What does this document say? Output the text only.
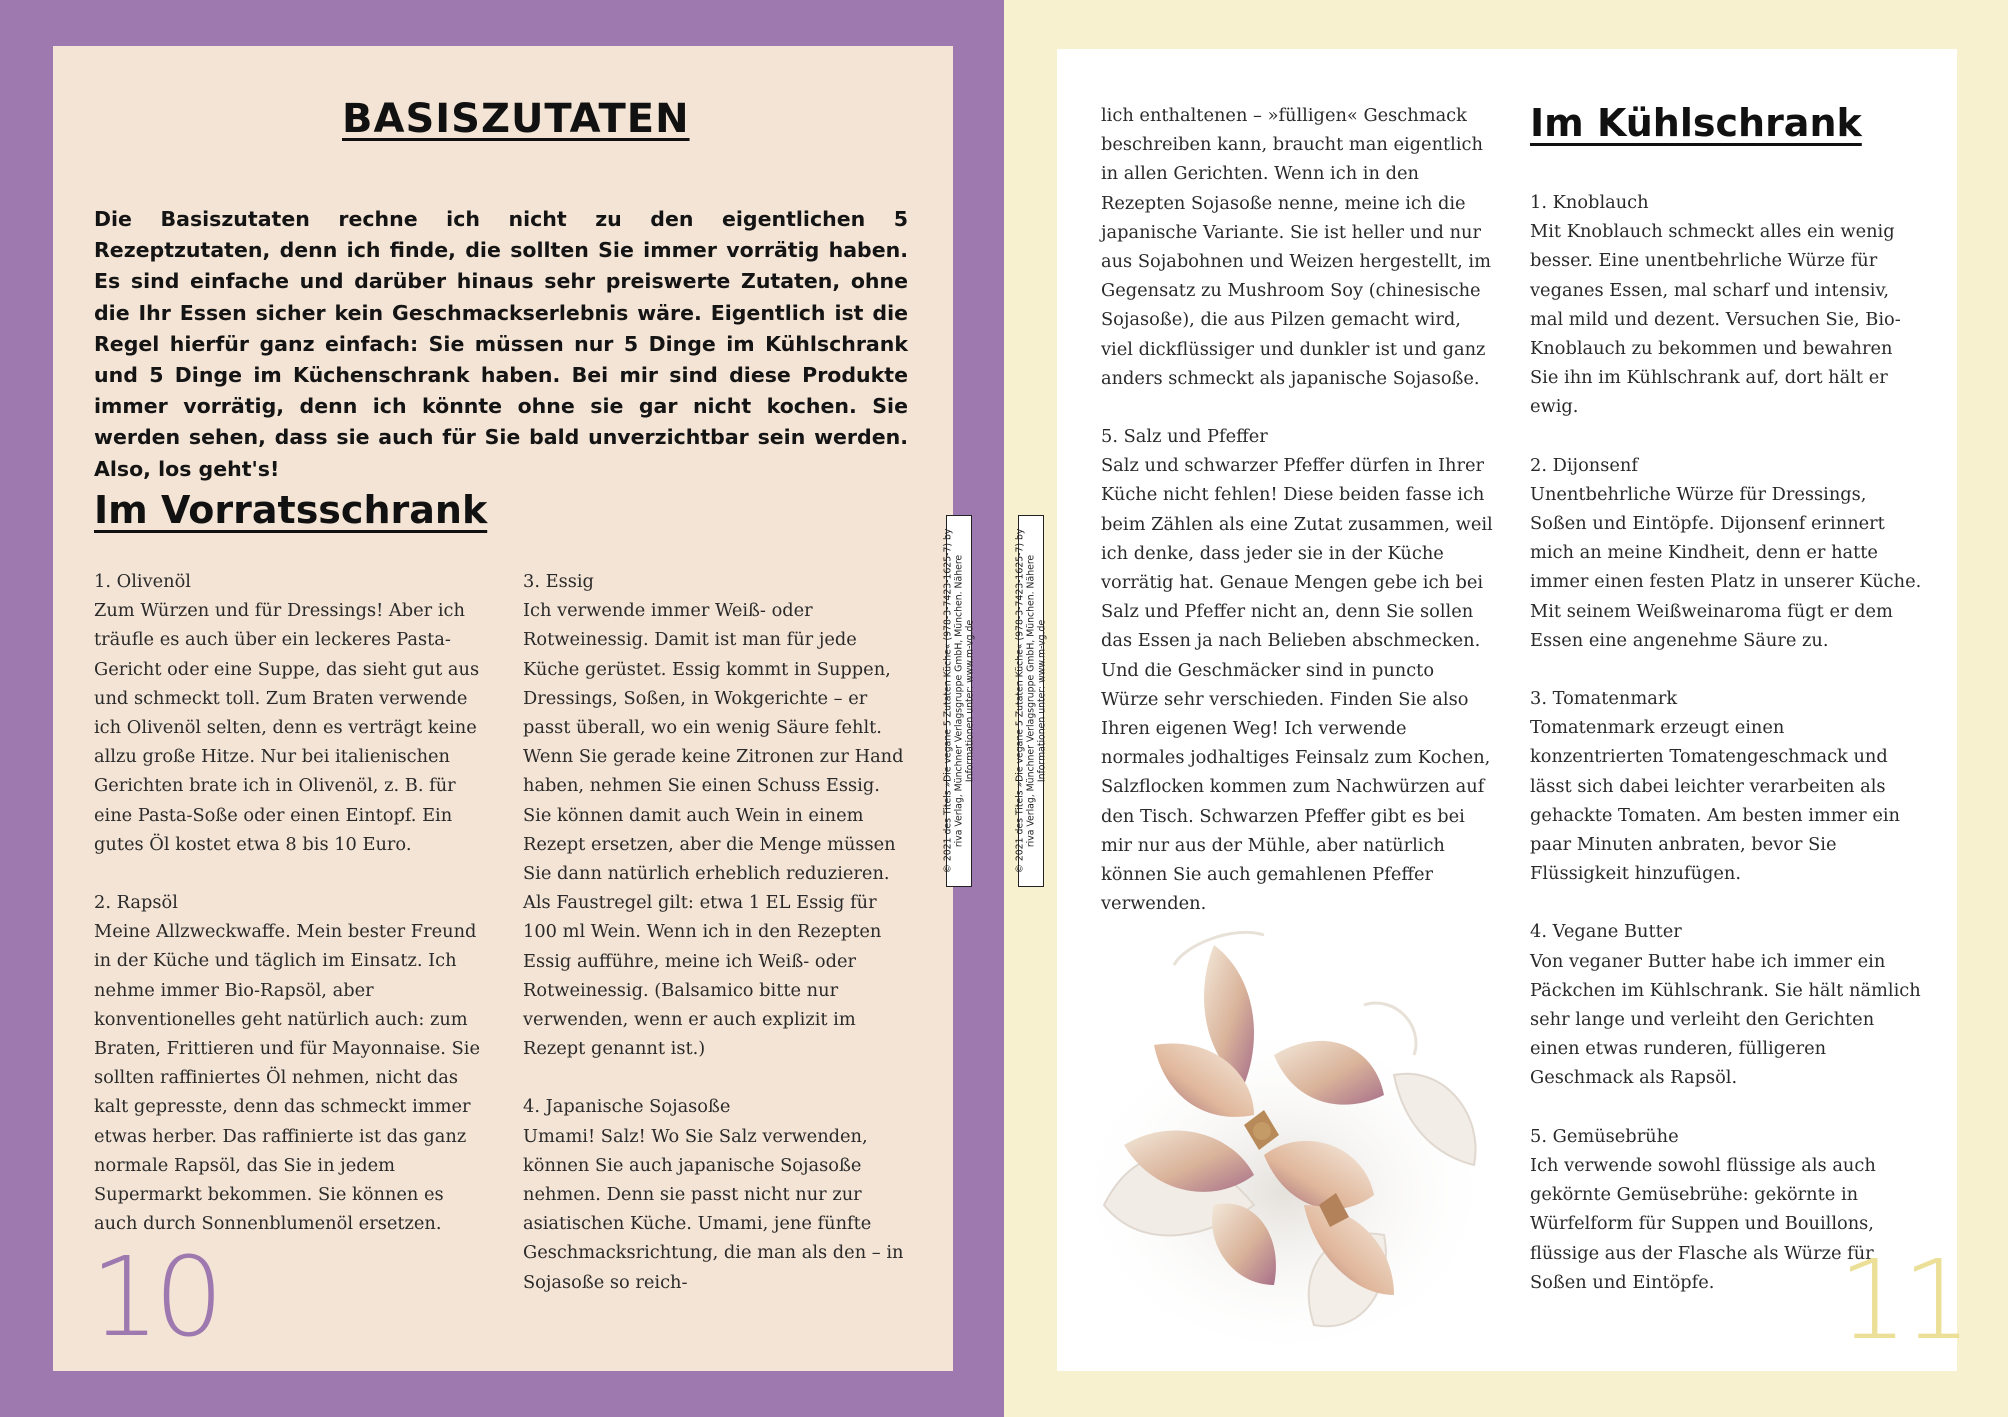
BASISZUTATEN
Die Basiszutaten rechne ich nicht zu den eigentlichen 5 Rezeptzutaten, denn ich finde, die sollten Sie immer vorrätig haben. Es sind einfache und darüber hinaus sehr preiswerte Zutaten, ohne die Ihr Essen sicher kein Geschmackserlebnis wäre. Eigentlich ist die Regel hierfür ganz einfach: Sie müssen nur 5 Dinge im Kühlschrank und 5 Dinge im Küchenschrank haben. Bei mir sind diese Produkte immer vorrätig, denn ich könnte ohne sie gar nicht kochen. Sie werden sehen, dass sie auch für Sie bald unverzichtbar sein werden. Also, los geht's!
Im Vorratsschrank

1. Olivenöl
Zum Würzen und für Dressings! Aber ich träufle es auch über ein leckeres Pasta-Gericht oder eine Suppe, das sieht gut aus und schmeckt toll. Zum Braten verwende ich Olivenöl selten, denn es verträgt keine allzu große Hitze. Nur bei italienischen Gerichten brate ich in Olivenöl, z. B. für eine Pasta-Soße oder einen Eintopf. Ein gutes Öl kostet etwa 8 bis 10 Euro.

2. Rapsöl
Meine Allzweckwaffe. Mein bester Freund in der Küche und täglich im Einsatz. Ich nehme immer Bio-Rapsöl, aber konventionelles geht natürlich auch: zum Braten, Frittieren und für Mayonnaise. Sie sollten raffiniertes Öl nehmen, nicht das kalt gepresste, denn das schmeckt immer etwas herber. Das raffinierte ist das ganz normale Rapsöl, das Sie in jedem Supermarkt bekommen. Sie können es auch durch Sonnenblumenöl ersetzen.

3. Essig
Ich verwende immer Weiß- oder Rotweinessig. Damit ist man für jede Küche gerüstet. Essig kommt in Suppen, Dressings, Soßen, in Wokgerichte – er passt überall, wo ein wenig Säure fehlt. Wenn Sie gerade keine Zitronen zur Hand haben, nehmen Sie einen Schuss Essig. Sie können damit auch Wein in einem Rezept ersetzen, aber die Menge müssen Sie dann natürlich erheblich reduzieren. Als Faustregel gilt: etwa 1 EL Essig für 100 ml Wein. Wenn ich in den Rezepten Essig aufführe, meine ich Weiß- oder Rotweinessig. (Balsamico bitte nur verwenden, wenn er auch explizit im Rezept genannt ist.)

4. Japanische Sojasoße
Umami! Salz! Wo Sie Salz verwenden, können Sie auch japanische Sojasoße nehmen. Denn sie passt nicht nur zur asiatischen Küche. Umami, jene fünfte Geschmacksrichtung, die man als den – in Sojasoße so reich-

10
© 2021 des Titels »Die vegane 5 Zutaten Küche« (978-3-7423-1625-7) by riva Verlag, Münchner Verlagsgruppe GmbH, München. Nähere Informationen unter: www.m-vg.de	© 2021 des Titels »Die vegane 5 Zutaten Küche« (978-3-7423-1625-7) by riva Verlag, Münchner Verlagsgruppe GmbH, München. Nähere Informationen unter: www.m-vg.de

lich enthaltenen – »fülligen« Geschmack beschreiben kann, braucht man eigentlich in allen Gerichten. Wenn ich in den Rezepten Sojasoße nenne, meine ich die japanische Variante. Sie ist heller und nur aus Sojabohnen und Weizen hergestellt, im Gegensatz zu Mushroom Soy (chinesische Sojasoße), die aus Pilzen gemacht wird, viel dickflüssiger und dunkler ist und ganz anders schmeckt als japanische Sojasoße.

5. Salz und Pfeffer
Salz und schwarzer Pfeffer dürfen in Ihrer Küche nicht fehlen! Diese beiden fasse ich beim Zählen als eine Zutat zusammen, weil ich denke, dass jeder sie in der Küche vorrätig hat. Genaue Mengen gebe ich bei Salz und Pfeffer nicht an, denn Sie sollen das Essen ja nach Belieben abschmecken. Und die Geschmäcker sind in puncto Würze sehr verschieden. Finden Sie also Ihren eigenen Weg! Ich verwende normales jodhaltiges Feinsalz zum Kochen, Salzflocken kommen zum Nachwürzen auf den Tisch. Schwarzen Pfeffer gibt es bei mir nur aus der Mühle, aber natürlich können Sie auch gemahlenen Pfeffer verwenden.

Im Kühlschrank

1. Knoblauch
Mit Knoblauch schmeckt alles ein wenig besser. Eine unentbehrliche Würze für veganes Essen, mal scharf und intensiv, mal mild und dezent. Versuchen Sie, Bio-Knoblauch zu bekommen und bewahren Sie ihn im Kühlschrank auf, dort hält er ewig.

2. Dijonsenf
Unentbehrliche Würze für Dressings, Soßen und Eintöpfe. Dijonsenf erinnert mich an meine Kindheit, denn er hatte immer einen festen Platz in unserer Küche. Mit seinem Weißweinaroma fügt er dem Essen eine angenehme Säure zu.

3. Tomatenmark
Tomatenmark erzeugt einen konzentrierten Tomatengeschmack und lässt sich dabei leichter verarbeiten als gehackte Tomaten. Am besten immer ein paar Minuten anbraten, bevor Sie Flüssigkeit hinzufügen.

4. Vegane Butter
Von veganer Butter habe ich immer ein Päckchen im Kühlschrank. Sie hält nämlich sehr lange und verleiht den Gerichten einen etwas runderen, fülligeren Geschmack als Rapsöl.

5. Gemüsebrühe
Ich verwende sowohl flüssige als auch gekörnte Gemüsebrühe: gekörnte in Würfelform für Suppen und Bouillons, flüssige aus der Flasche als Würze für Soßen und Eintöpfe.	11
